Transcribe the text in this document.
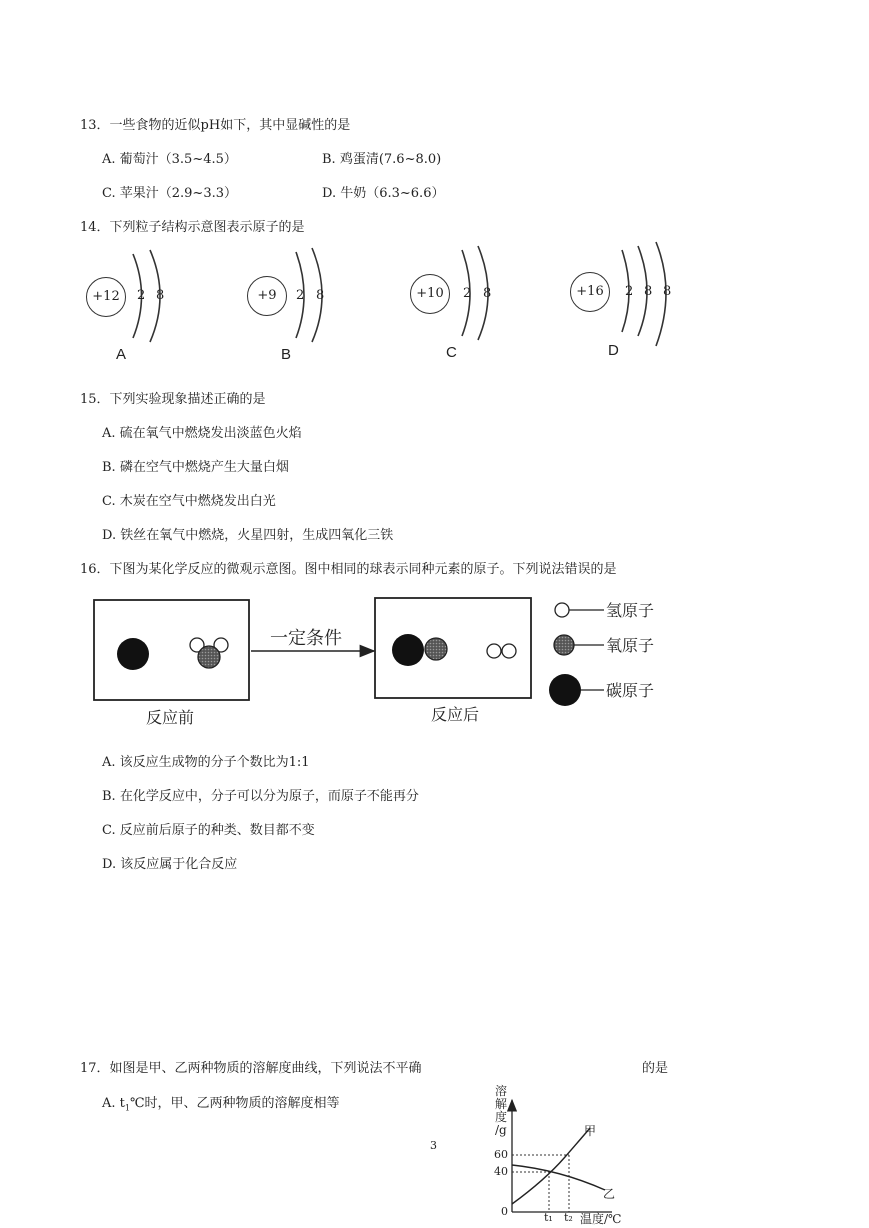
13．一些食物的近似pH如下，其中显碱性的是
A. 葡萄汁（3.5~4.5）	B. 鸡蛋清(7.6~8.0)
C. 苹果汁（2.9~3.3）	D. 牛奶（6.3~6.6）
14．下列粒子结构示意图表示原子的是
+12	2 8
A
+9	2 8
B
+10	2 8
C
+16	2 8 8
D
15．下列实验现象描述正确的是
A. 硫在氧气中燃烧发出淡蓝色火焰
B. 磷在空气中燃烧产生大量白烟
C. 木炭在空气中燃烧发出白光
D. 铁丝在氧气中燃烧，火星四射，生成四氧化三铁
16．下图为某化学反应的微观示意图。图中相同的球表示同种元素的原子。下列说法错误的是
一定条件
反应前	反应后
氢原子
氧原子
碳原子
A. 该反应生成物的分子个数比为1:1
B. 在化学反应中，分子可以分为原子，而原子不能再分
C. 反应前后原子的种类、数目都不变
D. 该反应属于化合反应
17．如图是甲、乙两种物质的溶解度曲线，下列说法不平确	的是
A. $t_1℃$时，甲、乙两种物质的溶解度相等
3
溶
解
度
/g
60
40
0	t₁ t₂ 温度/℃
甲
乙
